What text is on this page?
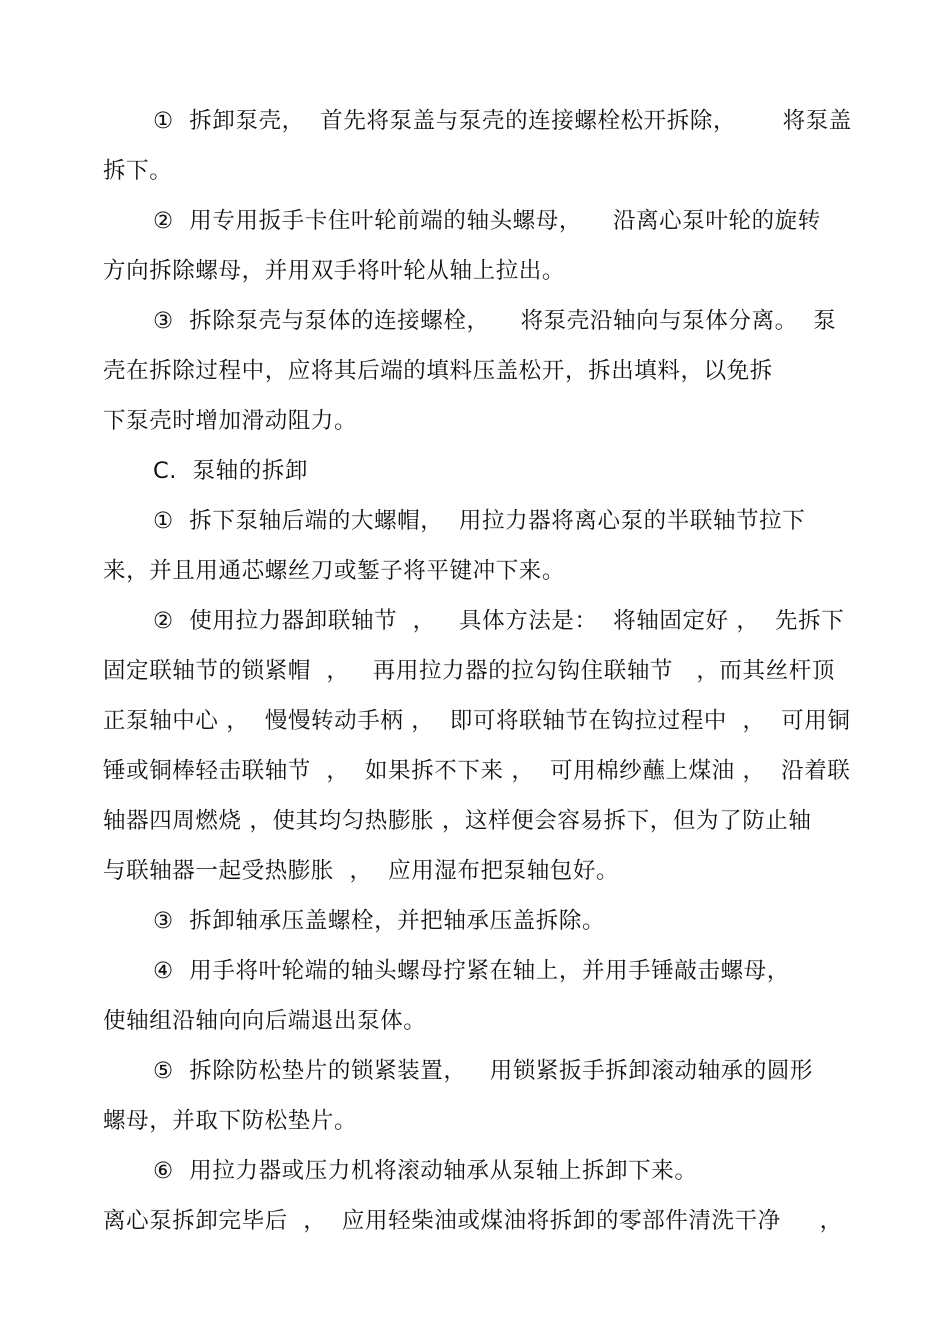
①  拆卸泵壳，  首先将泵盖与泵壳的连接螺栓松开拆除，      将泵盖
拆下。
②  用专用扳手卡住叶轮前端的轴头螺母，    沿离心泵叶轮的旋转
方向拆除螺母，并用双手将叶轮从轴上拉出。
③  拆除泵壳与泵体的连接螺栓，    将泵壳沿轴向与泵体分离。  泵
壳在拆除过程中，应将其后端的填料压盖松开，拆出填料，以免拆
下泵壳时增加滑动阻力。
C.  泵轴的拆卸
①  拆下泵轴后端的大螺帽，  用拉力器将离心泵的半联轴节拉下
来，并且用通芯螺丝刀或錾子将平键冲下来。
②  使用拉力器卸联轴节  ，   具体方法是：  将轴固定好 ，  先拆下
固定联轴节的锁紧帽  ，   再用拉力器的拉勾钩住联轴节   ，而其丝杆顶
正泵轴中心 ，  慢慢转动手柄 ，  即可将联轴节在钩拉过程中  ，  可用铜
锤或铜棒轻击联轴节  ，  如果拆不下来 ，  可用棉纱蘸上煤油 ，  沿着联
轴器四周燃烧 ，使其均匀热膨胀 ，这样便会容易拆下，但为了防止轴
与联轴器一起受热膨胀  ，  应用湿布把泵轴包好。
③  拆卸轴承压盖螺栓，并把轴承压盖拆除。
④  用手将叶轮端的轴头螺母拧紧在轴上，并用手锤敲击螺母，
使轴组沿轴向向后端退出泵体。
⑤  拆除防松垫片的锁紧装置，   用锁紧扳手拆卸滚动轴承的圆形
螺母，并取下防松垫片。
⑥  用拉力器或压力机将滚动轴承从泵轴上拆卸下来。
离心泵拆卸完毕后  ，  应用轻柴油或煤油将拆卸的零部件清洗干净     ，
